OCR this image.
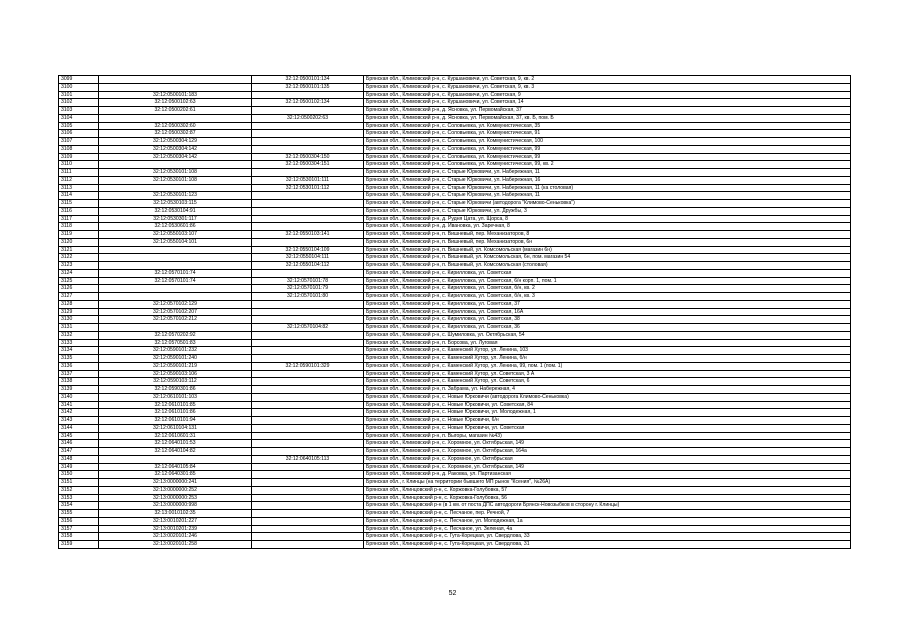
3099		32:12:0500101:134	Брянская обл., Климовский р-н, с. Куршановичи, ул. Советская, 9, кв. 2
3100		32:12:0500101:135	Брянская обл., Климовский р-н, с. Куршановичи, ул. Советская, 9, кв. 3
3101	32:12:0500101:183		Брянская обл., Климовский р-н, с. Куршановичи, ул. Советская, 9
3102	32:12:0500102:63	32:12:0500102:134	Брянская обл., Климовский р-н, с. Куршановичи, ул. Советская, 14
3103	32:12:0500202:61		Брянская обл., Климовский р-н, д. Ясновка, ул. Первомайская, 37
3104		32:12:0500202:63	Брянская обл., Климовский р-н, д. Ясновка, ул. Первомайская, 37, кв. Б, пом. Б
3105	32:12:0500302:60		Брянская обл., Климовский р-н, с. Соловьевка, ул. Коммунистическая, 35
3106	32:12:0500302:87		Брянская обл., Климовский р-н, с. Соловьевка, ул. Коммунистическая, 91
3107	32:12:0500304:129		Брянская обл., Климовский р-н, с. Соловьевка, ул. Коммунистическая, 100
3108	32:12:0500304:142		Брянская обл., Климовский р-н, с. Соловьевка, ул. Коммунистическая, 99
3109	32:12:0500304:142	32:12:0500304:150	Брянская обл., Климовский р-н, с. Соловьевка, ул. Коммунистическая, 99
3110		32:12:0500304:151	Брянская обл., Климовский р-н, с. Соловьевка, ул. Коммунистическая, 99, кв. 2
3111	32:12:0530101:108		Брянская обл., Климовский р-н, с. Старые Юрковичи, ул. Набережная, 11
3112	32:12:0530101:108	32:12:0530101:111	Брянская обл., Климовский р-н, с. Старые Юрковичи, ул. Набережная, 16
3113		32:12:0530101:112	Брянская обл., Климовский р-н, с. Старые Юрковичи, ул. Набережная, 11 (ка столовая)
3114	32:12:0530101:123		Брянская обл., Климовский р-н, с. Старые Юрковичи, ул. Набережная, 11
3115	32:12:0530103:115		Брянская обл., Климовский р-н, с. Старые Юрковичи (автодорога "Климово-Сеньковка")
3116	32:12:0530104:91		Брянская обл., Климовский р-н, с. Старые Юрковичи, ул. Дружбы, 3
3117	32:12:0530301:117		Брянская обл., Климовский р-н, д. Рудня Цата, ул. Щорса, 8
3118	32:12:0530601:86		Брянская обл., Климовский р-н, д. Ивановка, ул. Заречная, 8
3119	32:12:0550103:107	32:12:0550103:141	Брянская обл., Климовский р-н, п. Вишневый, пер. Механизаторов, 8
3120	32:12:0550104:101		Брянская обл., Климовский р-н, п. Вишневый, пер. Механизаторов, 6н
3121		32:12:0550104:109	Брянская обл., Климовский р-н, п. Вишневый, ул. Комсомольская (магазин 6н)
3122		32:12:0550104:111	Брянская обл., Климовский р-н, п. Вишневый, ул. Комсомольская, 6н, пом. магазин 54
3123		32:12:0550104:112	Брянская обл., Климовский р-н, п. Вишневый, ул. Комсомольская (столовая)
3124	32:12:0570101:74		Брянская обл., Климовский р-н, с. Кирилловка, ул. Советская
3125	32:12:0570101:74	32:12:0570101:78	Брянская обл., Климовский р-н, с. Кирилловка, ул. Советская, 6/н корп. 1, пом. 1
3126		32:12:0570101:79	Брянская обл., Климовский р-н, с. Кирилловка, ул. Советская, б/н, кв. 2
3127		32:12:0570101:80	Брянская обл., Климовский р-н, с. Кирилловка, ул. Советская, б/н, кв. 3
3128	32:12:0570102:129		Брянская обл., Климовский р-н, с. Кирилловка, ул. Советская, 37
3129	32:12:0570102:207		Брянская обл., Климовский р-н, с. Кирилловка, ул. Советская, 16А
3130	32:12:0570102:212		Брянская обл., Климовский р-н, с. Кирилловка, ул. Советская, 38
3131		32:12:0570104:82	Брянская обл., Климовский р-н, с. Кирилловка, ул. Советская, 36
3132	32:12:0570202:92		Брянская обл., Климовский р-н, с. Шумиловка, ул. Октябрьская, 54
3133	32:12:0570501:83		Брянская обл., Климовский р-н, п. Борсова, ул. Луговая
3134	32:12:0590101:232		Брянская обл., Климовский р-н, с. Каменский Хутор, ул. Ленина, 103
3135	32:12:0590101:240		Брянская обл., Климовский р-н, с. Каменский Хутор, ул. Ленина, б/н
3136	32:12:0590101:219	32:12:0590101:329	Брянская обл., Климовский р-н, с. Каменский Хутор, ул. Ленина, 99, пом. 1 (пом. 1)
3137	32:12:0590103:106		Брянская обл., Климовский р-н, с. Каменский Хутор, ул. Советская, 3 А
3138	32:12:0590103:112		Брянская обл., Климовский р-н, с. Каменский Хутор, ул. Советская, 6
3139	32:12:0590301:86		Брянская обл., Климовский р-н, п. Забрама, ул. Набережная, 4
3140	32:12:0610101:103		Брянская обл., Климовский р-н, с. Новые Юрковичи (автодорога Климово-Сеньковка)
3141	32:12:0610101:85		Брянская обл., Климовский р-н, с. Новые Юрковичи, ул. Советская, 84
3142	32:12:0610101:86		Брянская обл., Климовский р-н, с. Новые Юрковичи, ул. Молодежная, 1
3143	32:12:0610101:94		Брянская обл., Климовский р-н, с. Новые Юрковичи, 6/н
3144	32:12:0610104:131		Брянская обл., Климовский р-н, с. Новые Юрковичи, ул. Советская
3145	32:12:0610601:31		Брянская обл., Климовский р-н, п. Выгоры, магазин №43)
3146	32:12:0640101:53		Брянская обл., Климовский р-н, с. Хоромное, ул. Октябрьская, 149
3147	32:12:0640104:82		Брянская обл., Климовский р-н, с. Хоромное, ул. Октябрьская, 164а
3148		32:12:0640105:113	Брянская обл., Климовский р-н, с. Хоромное, ул. Октябрьская
3149	32:12:0640105:84		Брянская обл., Климовский р-н, с. Хоромное, ул. Октябрьская, 149
3150	32:12:0640301:85		Брянская обл., Климовский р-н, д. Раковка, ул. Партизанская
3151	32:13:0000000:241		Брянская обл., г. Клинцы (на территории бывшего МП рынок "Ксения", №26А)
3152	32:13:0000000:252		Брянская обл., Клинцовский р-н, с. Коржовка-Голубовка, 57
3153	32:13:0000000:253		Брянская обл., Клинцовский р-н, с. Коржовка-Голубовка, 56
3154	32:13:0000000:998		Брянская обл., Клинцовский р-н (в 1 км. от поста ДПС автодороги Брянск-Новозыбков в сторону г. Клинцы)
3155	32:13:0010102:35		Брянская обл., Клинцовский р-н, с. Песчаное, пер. Речной, 7
3156	32:13:0010201:227		Брянская обл., Клинцовский р-н, с. Песчаное, ул. Молодежная, 1а
3157	32:13:0010201:239		Брянская обл., Клинцовский р-н, с. Песчаное, ул. Зеленая, 4а
3158	32:13:0020101:246		Брянская обл., Клинцовский р-н, с. Гута-Корецкая, ул. Свердлова, 33
3159	32:13:0020101:258		Брянская обл., Клинцовский р-н, с. Гута-Корецкая, ул. Свердлова, 31
52
